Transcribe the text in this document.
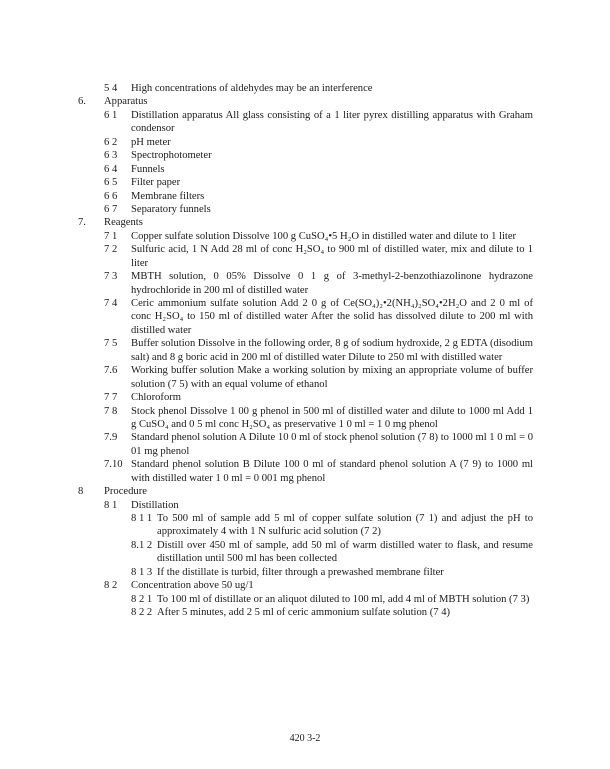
5 4 High concentrations of aldehydes may be an interference
6. Apparatus
6 1 Distillation apparatus All glass consisting of a 1 liter pyrex distilling apparatus with Graham condensor
6 2 pH meter
6 3 Spectrophotometer
6 4 Funnels
6 5 Filter paper
6 6 Membrane filters
6 7 Separatory funnels
7. Reagents
7 1 Copper sulfate solution Dissolve 100 g CuSO₄•5 H₂O in distilled water and dilute to 1 liter
7 2 Sulfuric acid, 1 N Add 28 ml of conc H₂SO₄ to 900 ml of distilled water, mix and dilute to 1 liter
7 3 MBTH solution, 0 05% Dissolve 0 1 g of 3-methyl-2-benzothiazolinone hydrazone hydrochloride in 200 ml of distilled water
7 4 Ceric ammonium sulfate solution Add 2 0 g of Ce(SO₄)₂•2(NH₄)₂SO₄•2H₂O and 2 0 ml of conc H₂SO₄ to 150 ml of distilled water After the solid has dissolved dilute to 200 ml with distilled water
7 5 Buffer solution Dissolve in the following order, 8 g of sodium hydroxide, 2 g EDTA (disodium salt) and 8 g boric acid in 200 ml of distilled water Dilute to 250 ml with distilled water
7.6 Working buffer solution Make a working solution by mixing an appropriate volume of buffer solution (7 5) with an equal volume of ethanol
7 7 Chloroform
7 8 Stock phenol Dissolve 1 00 g phenol in 500 ml of distilled water and dilute to 1000 ml Add 1 g CuSO₄ and 0 5 ml conc H₂SO₄ as preservative 1 0 ml = 1 0 mg phenol
7.9 Standard phenol solution A Dilute 10 0 ml of stock phenol solution (7 8) to 1000 ml 1 0 ml = 0 01 mg phenol
7.10 Standard phenol solution B Dilute 100 0 ml of standard phenol solution A (7 9) to 1000 ml with distilled water 1 0 ml = 0 001 mg phenol
8 Procedure
8 1 Distillation
8 1 1 To 500 ml of sample add 5 ml of copper sulfate solution (7 1) and adjust the pH to approximately 4 with 1 N sulfuric acid solution (7 2)
8.1 2 Distill over 450 ml of sample, add 50 ml of warm distilled water to flask, and resume distillation until 500 ml has been collected
8 1 3 If the distillate is turbid, filter through a prewashed membrane filter
8 2 Concentration above 50 ug/1
8 2 1 To 100 ml of distillate or an aliquot diluted to 100 ml, add 4 ml of MBTH solution (7 3)
8 2 2 After 5 minutes, add 2 5 ml of ceric ammonium sulfate solution (7 4)
420 3-2
